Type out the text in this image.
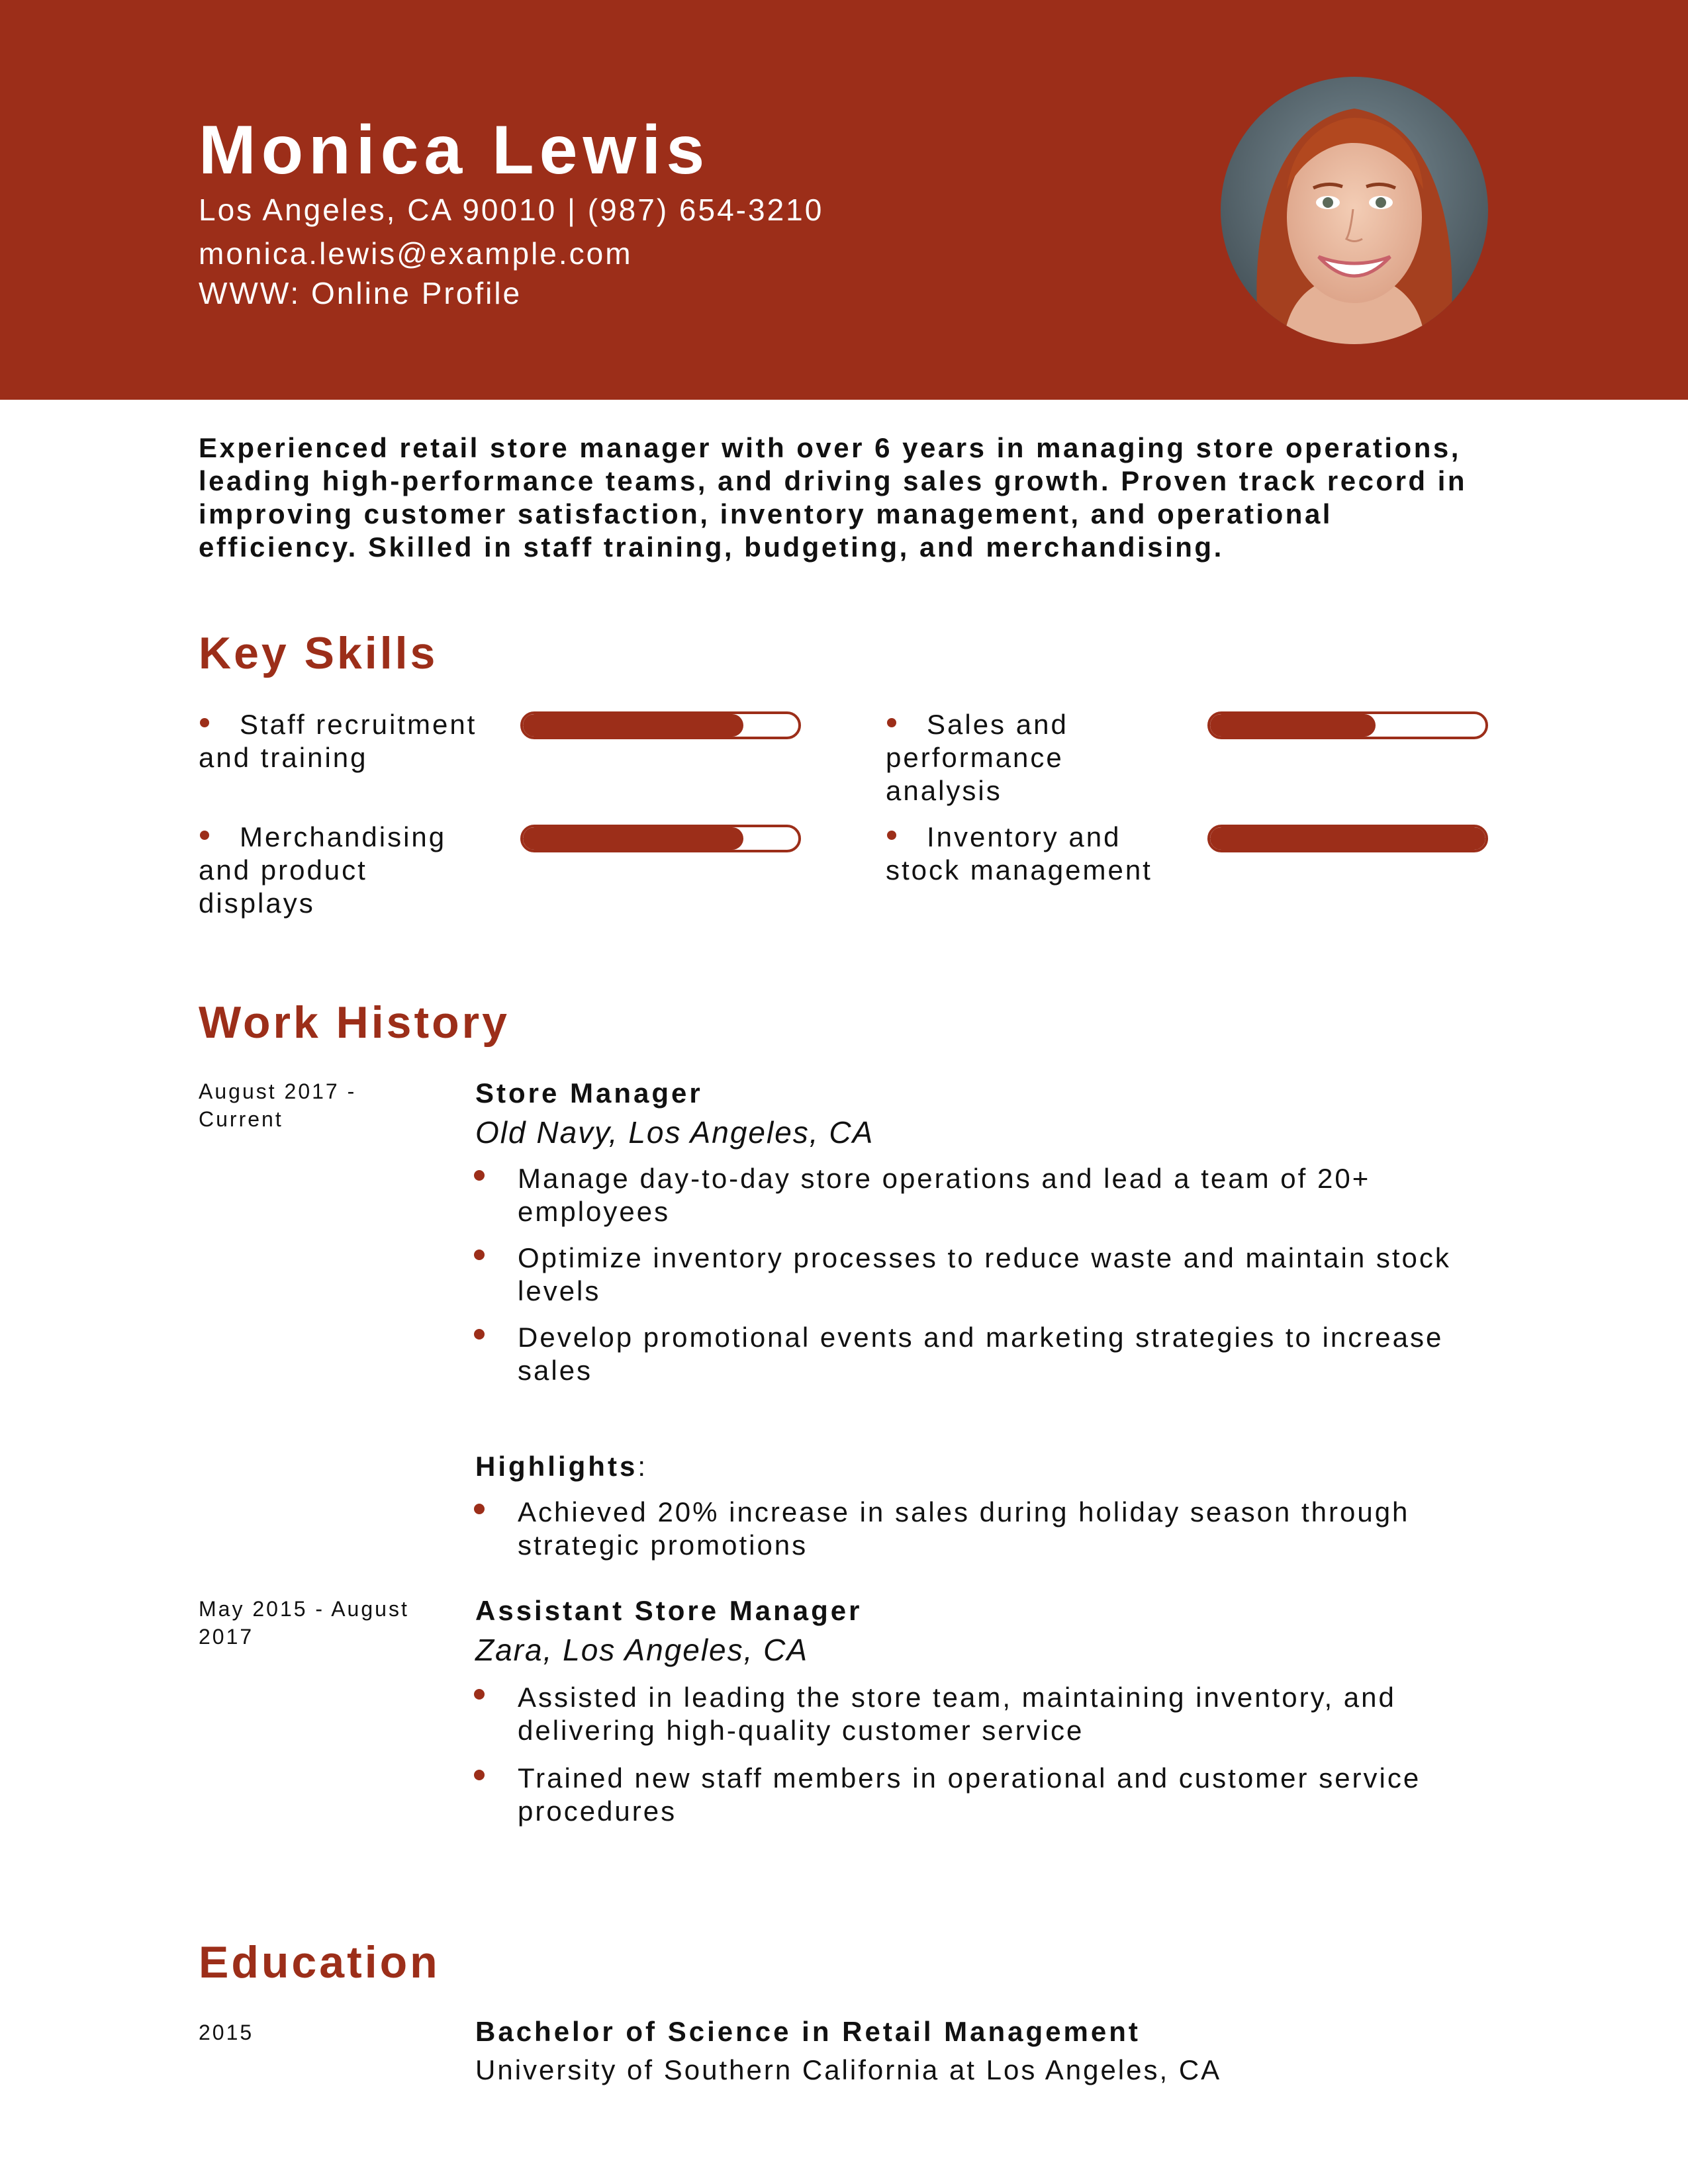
Monica Lewis
Los Angeles, CA 90010 | (987) 654-3210
monica.lewis@example.com
WWW: Online Profile
Experienced retail store manager with over 6 years in managing store operations, leading high-performance teams, and driving sales growth. Proven track record in improving customer satisfaction, inventory management, and operational efficiency. Skilled in staff training, budgeting, and merchandising.
Key Skills
Staff recruitment and training
Sales and performance analysis
Merchandising and product displays
Inventory and stock management
Work History
August 2017 - Current
Store Manager
Old Navy, Los Angeles, CA
Manage day-to-day store operations and lead a team of 20+ employees
Optimize inventory processes to reduce waste and maintain stock levels
Develop promotional events and marketing strategies to increase sales
Highlights:
Achieved 20% increase in sales during holiday season through strategic promotions
May 2015 - August 2017
Assistant Store Manager
Zara, Los Angeles, CA
Assisted in leading the store team, maintaining inventory, and delivering high-quality customer service
Trained new staff members in operational and customer service procedures
Education
2015	Bachelor of Science in Retail Management
University of Southern California at Los Angeles, CA
